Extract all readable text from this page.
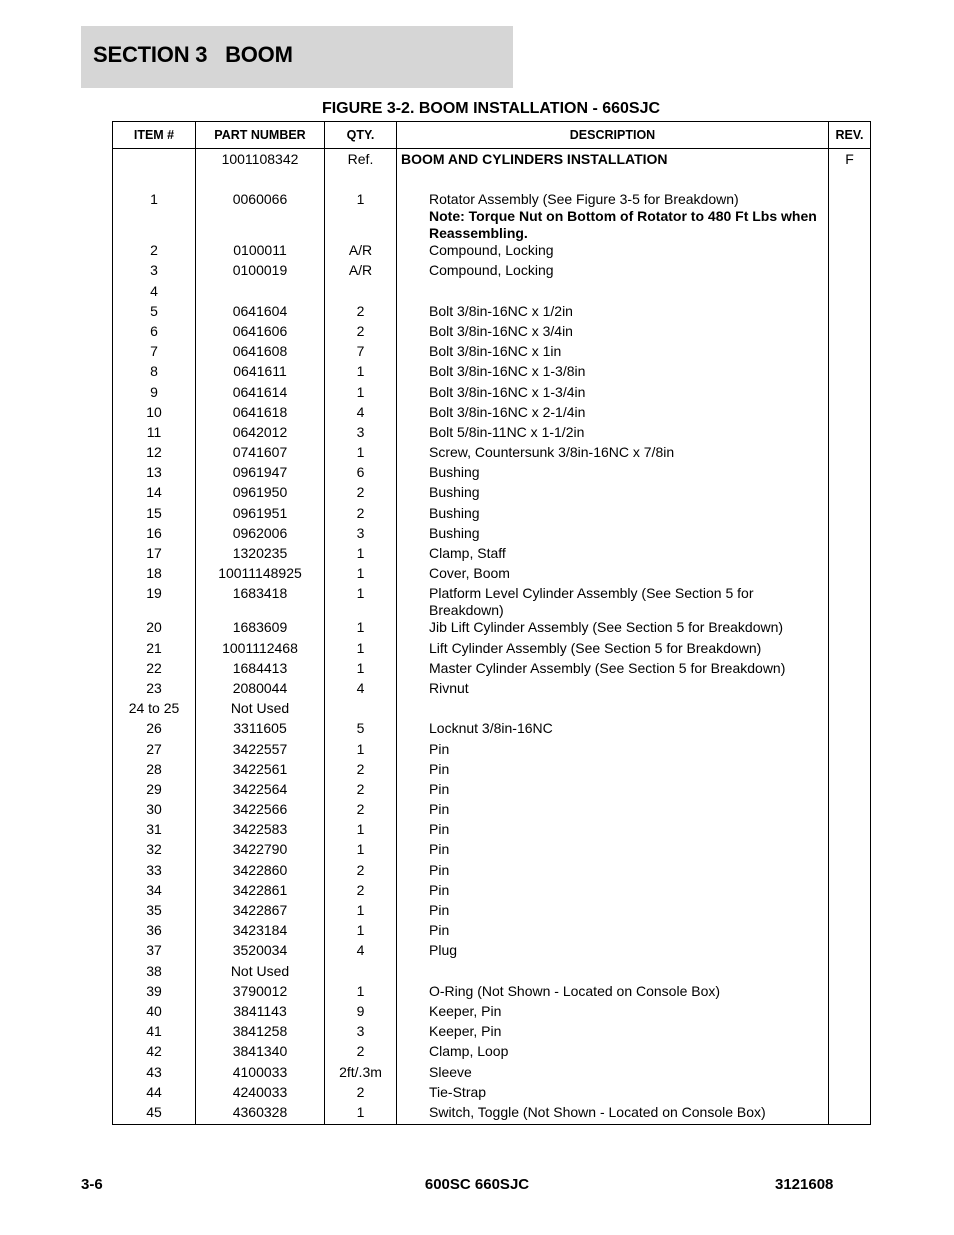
SECTION 3   BOOM
FIGURE 3-2. BOOM INSTALLATION - 660SJC
ITEM #	PART NUMBER	QTY.	DESCRIPTION	REV.
	1001108342	Ref.	BOOM AND CYLINDERS INSTALLATION	F

1	0060066	1	Rotator Assembly (See Figure 3-5 for Breakdown)
Note: Torque Nut on Bottom of Rotator to 480 Ft Lbs when Reassembling.	

2	0100011	A/R	Compound, Locking	
3	0100019	A/R	Compound, Locking	
4				
5	0641604	2	Bolt 3/8in-16NC x 1/2in	
6	0641606	2	Bolt 3/8in-16NC x 3/4in	
7	0641608	7	Bolt 3/8in-16NC x 1in	
8	0641611	1	Bolt 3/8in-16NC x 1-3/8in	
9	0641614	1	Bolt 3/8in-16NC x 1-3/4in	
10	0641618	4	Bolt 3/8in-16NC x 2-1/4in	
11	0642012	3	Bolt 5/8in-11NC x 1-1/2in	
12	0741607	1	Screw, Countersunk 3/8in-16NC x 7/8in	
13	0961947	6	Bushing	
14	0961950	2	Bushing	
15	0961951	2	Bushing	
16	0962006	3	Bushing	
17	1320235	1	Clamp, Staff	
18	10011148925	1	Cover, Boom	
19	1683418	1	Platform Level Cylinder Assembly (See Section 5 for Breakdown)	
20	1683609	1	Jib Lift Cylinder Assembly (See Section 5 for Breakdown)	
21	1001112468	1	Lift Cylinder Assembly (See Section 5 for Breakdown)	
22	1684413	1	Master Cylinder Assembly (See Section 5 for Breakdown)	
23	2080044	4	Rivnut	
24 to 25	Not Used			
26	3311605	5	Locknut 3/8in-16NC	
27	3422557	1	Pin	
28	3422561	2	Pin	
29	3422564	2	Pin	
30	3422566	2	Pin	
31	3422583	1	Pin	
32	3422790	1	Pin	
33	3422860	2	Pin	
34	3422861	2	Pin	
35	3422867	1	Pin	
36	3423184	1	Pin	
37	3520034	4	Plug	
38	Not Used			
39	3790012	1	O-Ring (Not Shown - Located on Console Box)	
40	3841143	9	Keeper, Pin	
41	3841258	3	Keeper, Pin	
42	3841340	2	Clamp, Loop	
43	4100033	2ft/.3m	Sleeve	
44	4240033	2	Tie-Strap	
45	4360328	1	Switch, Toggle (Not Shown - Located on Console Box)	
3-6	600SC 660SJC	3121608
